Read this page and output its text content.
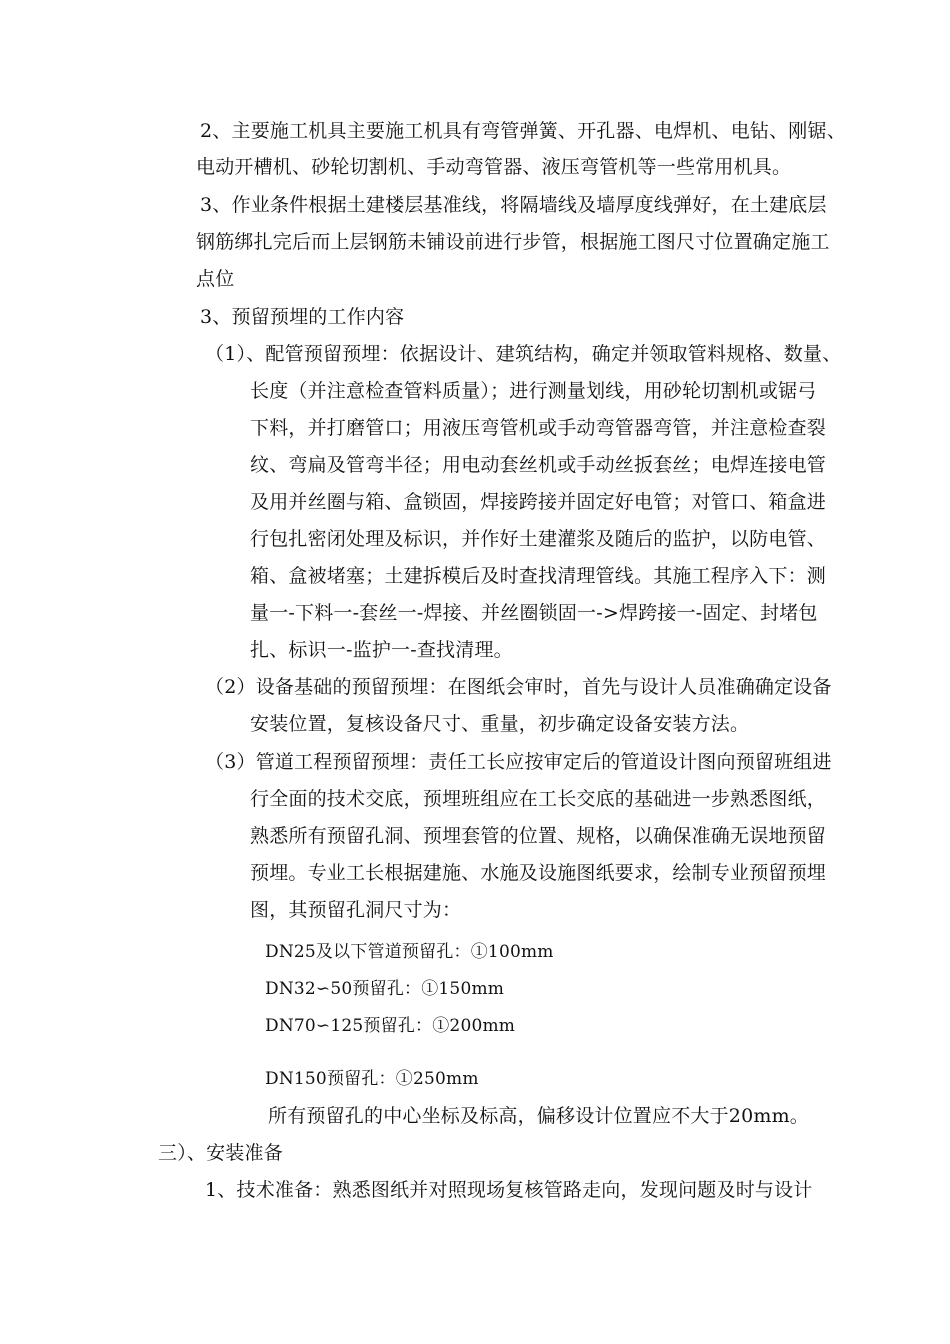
2、主要施工机具主要施工机具有弯管弹簧、开孔器、电焊机、电钻、刚锯、
电动开槽机、砂轮切割机、手动弯管器、液压弯管机等一些常用机具。
3、作业条件根据土建楼层基准线，将隔墙线及墙厚度线弹好，在土建底层
钢筋绑扎完后而上层钢筋未铺设前进行步管，根据施工图尺寸位置确定施工
点位
3、预留预埋的工作内容
（1）、配管预留预埋：依据设计、建筑结构，确定并领取管料规格、数量、
长度（并注意检查管料质量）；进行测量划线，用砂轮切割机或锯弓
下料，并打磨管口；用液压弯管机或手动弯管器弯管，并注意检查裂
纹、弯扁及管弯半径；用电动套丝机或手动丝扳套丝；电焊连接电管
及用并丝圈与箱、盒锁固，焊接跨接并固定好电管；对管口、箱盒进
行包扎密闭处理及标识，并作好土建灌浆及随后的监护，以防电管、
箱、盒被堵塞；土建拆模后及时查找清理管线。其施工程序入下：测
量一-下料一-套丝一-焊接、并丝圈锁固一->焊跨接一-固定、封堵包
扎、标识一-监护一-查找清理。
（2）设备基础的预留预埋：在图纸会审时，首先与设计人员准确确定设备
安装位置，复核设备尺寸、重量，初步确定设备安装方法。
（3）管道工程预留预埋：责任工长应按审定后的管道设计图向预留班组进
行全面的技术交底，预埋班组应在工长交底的基础进一步熟悉图纸，
熟悉所有预留孔洞、预埋套管的位置、规格，以确保准确无误地预留
预埋。专业工长根据建施、水施及设施图纸要求，绘制专业预留预埋
图，其预留孔洞尺寸为：
DN25及以下管道预留孔：①100mm
DN32∽50预留孔：①150mm
DN70∽125预留孔：①200mm
DN150预留孔：①250mm
所有预留孔的中心坐标及标高，偏移设计位置应不大于20mm。
三）、安装准备
1、技术准备：熟悉图纸并对照现场复核管路走向，发现问题及时与设计
